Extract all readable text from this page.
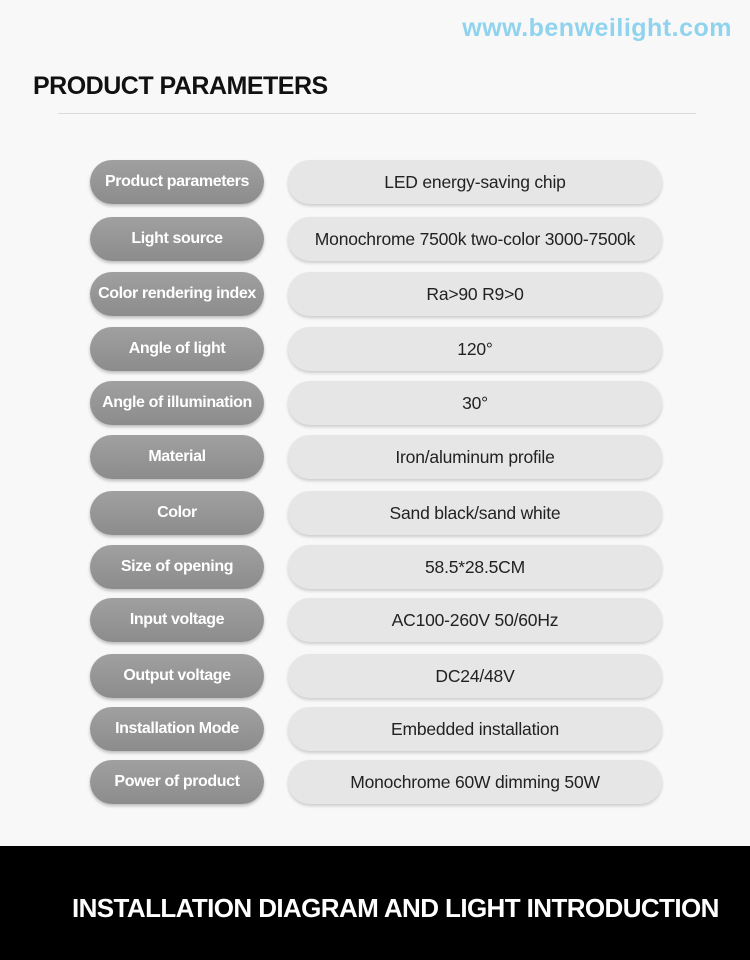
www.benweilight.com
PRODUCT PARAMETERS
Product parameters	LED energy-saving chip
Light source	Monochrome 7500k two-color 3000-7500k
Color rendering index	Ra>90 R9>0
Angle of light	120°
Angle of illumination	30°
Material	Iron/aluminum profile
Color	Sand black/sand white
Size of opening	58.5*28.5CM
Input voltage	AC100-260V 50/60Hz
Output voltage	DC24/48V
Installation Mode	Embedded installation
Power of product	Monochrome 60W dimming 50W
INSTALLATION DIAGRAM AND LIGHT INTRODUCTION
